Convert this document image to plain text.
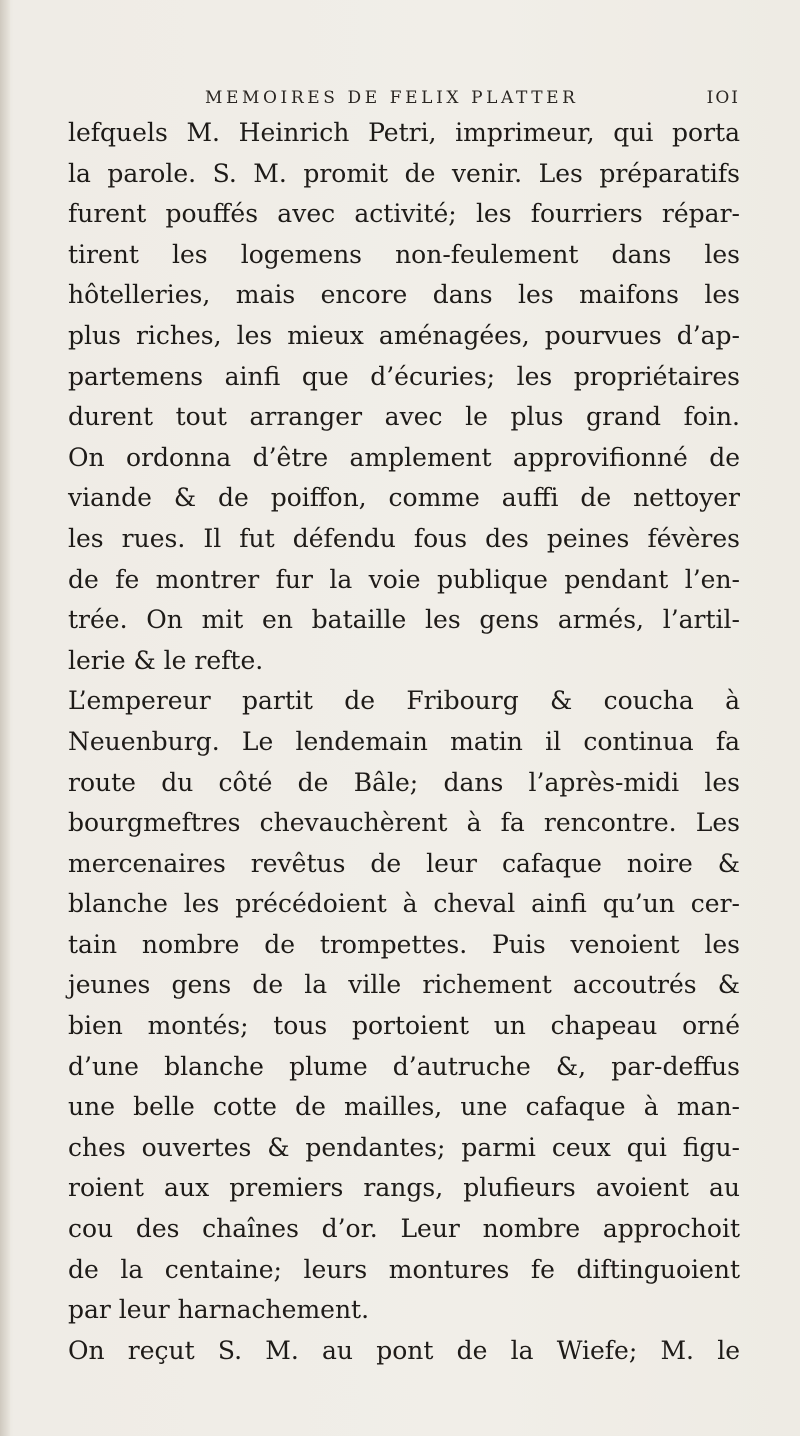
MEMOIRES DE FELIX PLATTER	IOI
lefquels M. Heinrich Petri, imprimeur, qui porta
la parole. S. M. promit de venir. Les préparatifs
furent pouffés avec activité; les fourriers répar-
tirent les logemens non-feulement dans les
hôtelleries, mais encore dans les maifons les
plus riches, les mieux aménagées, pourvues d’ap-
partemens ainfi que d’écuries; les propriétaires
durent tout arranger avec le plus grand foin.
On ordonna d’être amplement approvifionné de
viande & de poiffon, comme auffi de nettoyer
les rues. Il fut défendu fous des peines févères
de fe montrer fur la voie publique pendant l’en-
trée. On mit en bataille les gens armés, l’artil-
lerie & le refte.
L’empereur partit de Fribourg & coucha à
Neuenburg. Le lendemain matin il continua fa
route du côté de Bâle; dans l’après-midi les
bourgmeftres chevauchèrent à fa rencontre. Les
mercenaires revêtus de leur cafaque noire &
blanche les précédoient à cheval ainfi qu’un cer-
tain nombre de trompettes. Puis venoient les
jeunes gens de la ville richement accoutrés &
bien montés; tous portoient un chapeau orné
d’une blanche plume d’autruche &, par-deffus
une belle cotte de mailles, une cafaque à man-
ches ouvertes & pendantes; parmi ceux qui figu-
roient aux premiers rangs, plufieurs avoient au
cou des chaînes d’or. Leur nombre approchoit
de la centaine; leurs montures fe diftinguoient
par leur harnachement.
On reçut S. M. au pont de la Wiefe; M. le
